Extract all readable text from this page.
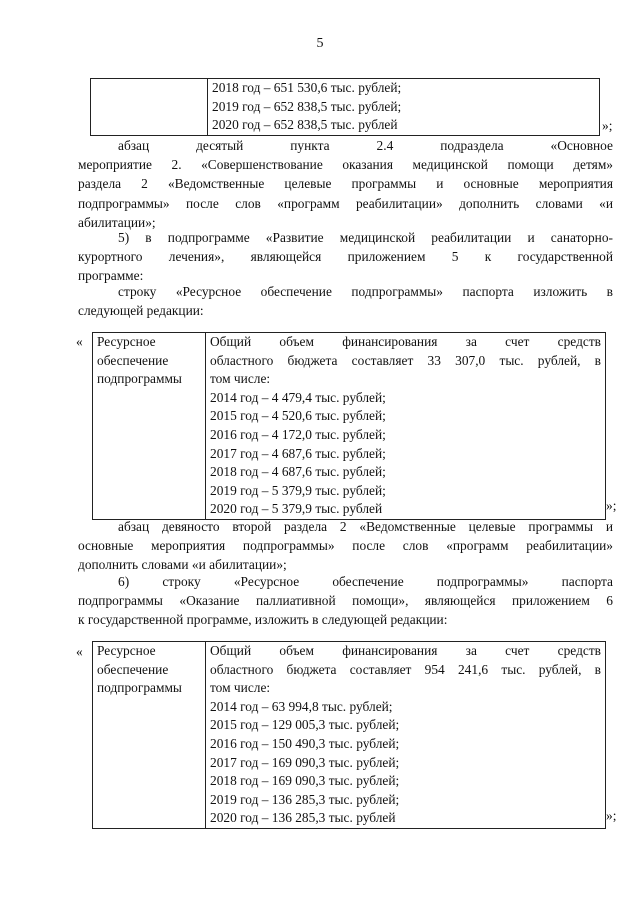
5

2018 год – 651 530,6 тыс. рублей;
2019 год – 652 838,5 тыс. рублей;
2020 год – 652 838,5 тыс. рублей	»;
абзац десятый пункта 2.4 подраздела «Основное
мероприятие 2. «Совершенствование оказания медицинской помощи детям»
раздела 2 «Ведомственные целевые программы и основные мероприятия
подпрограммы» после слов «программ реабилитации» дополнить словами «и
абилитации»;
5) в подпрограмме «Развитие медицинской реабилитации и санаторно-
курортного лечения», являющейся приложением 5 к государственной
программе:
строку «Ресурсное обеспечение подпрограммы» паспорта изложить в
следующей редакции:
« Ресурсное
обеспечение
подпрограммы

Общий объем финансирования за счет средств
областного бюджета составляет 33 307,0 тыс. рублей, в
том числе:
2014 год – 4 479,4 тыс. рублей;
2015 год – 4 520,6 тыс. рублей;
2016 год – 4 172,0 тыс. рублей;
2017 год – 4 687,6 тыс. рублей;
2018 год – 4 687,6 тыс. рублей;
2019 год – 5 379,9 тыс. рублей;
2020 год – 5 379,9 тыс. рублей	»;
абзац девяносто второй раздела 2 «Ведомственные целевые программы и
основные мероприятия подпрограммы» после слов «программ реабилитации»
дополнить словами «и абилитации»;
6) строку «Ресурсное обеспечение подпрограммы» паспорта
подпрограммы «Оказание паллиативной помощи», являющейся приложением 6
к государственной программе, изложить в следующей редакции:
« Ресурсное
обеспечение
подпрограммы

Общий объем финансирования за счет средств
областного бюджета составляет 954 241,6 тыс. рублей, в
том числе:
2014 год – 63 994,8 тыс. рублей;
2015 год – 129 005,3 тыс. рублей;
2016 год – 150 490,3 тыс. рублей;
2017 год – 169 090,3 тыс. рублей;
2018 год – 169 090,3 тыс. рублей;
2019 год – 136 285,3 тыс. рублей;
2020 год – 136 285,3 тыс. рублей	»;
